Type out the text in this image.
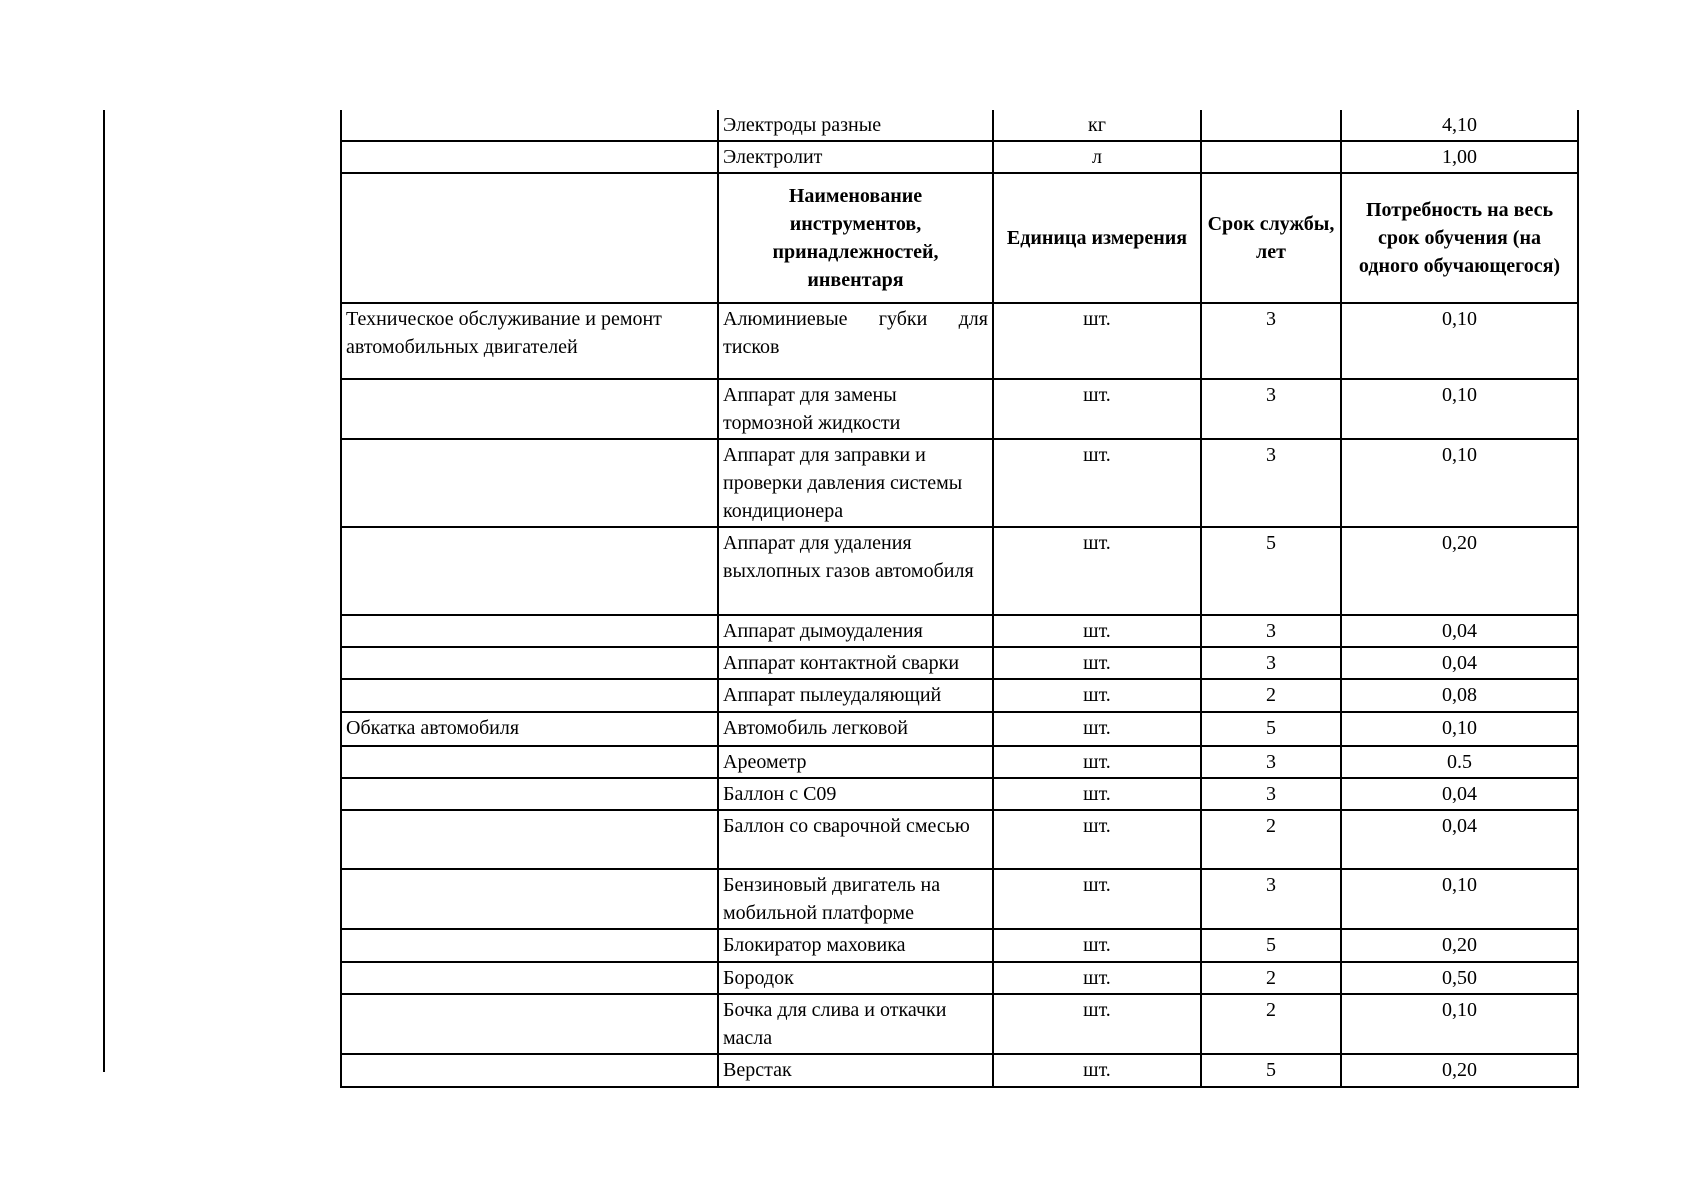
	Электроды разные	кг		4,10
	Электролит	л		1,00
	Наименование инструментов, принадлежностей, инвентаря	Единица измерения	Срок службы, лет	Потребность на весь срок обучения (на одного обучающегося)
Техническое обслуживание и ремонт автомобильных двигателей	Алюминиевые губки для тисков	шт.	3	0,10
	Аппарат для замены тормозной жидкости	шт.	3	0,10
	Аппарат для заправки и проверки давления системы кондиционера	шт.	3	0,10
	Аппарат для удаления выхлопных газов автомобиля	шт.	5	0,20
	Аппарат дымоудаления	шт.	3	0,04
	Аппарат контактной сварки	шт.	3	0,04
	Аппарат пылеудаляющий	шт.	2	0,08
Обкатка автомобиля	Автомобиль легковой	шт.	5	0,10
	Ареометр	шт.	3	0.5
	Баллон с С09	шт.	3	0,04
	Баллон со сварочной смесью	шт.	2	0,04
	Бензиновый двигатель на мобильной платформе	шт.	3	0,10
	Блокиратор маховика	шт.	5	0,20
	Бородок	шт.	2	0,50
	Бочка для слива и откачки масла	шт.	2	0,10
	Верстак	шт.	5	0,20
